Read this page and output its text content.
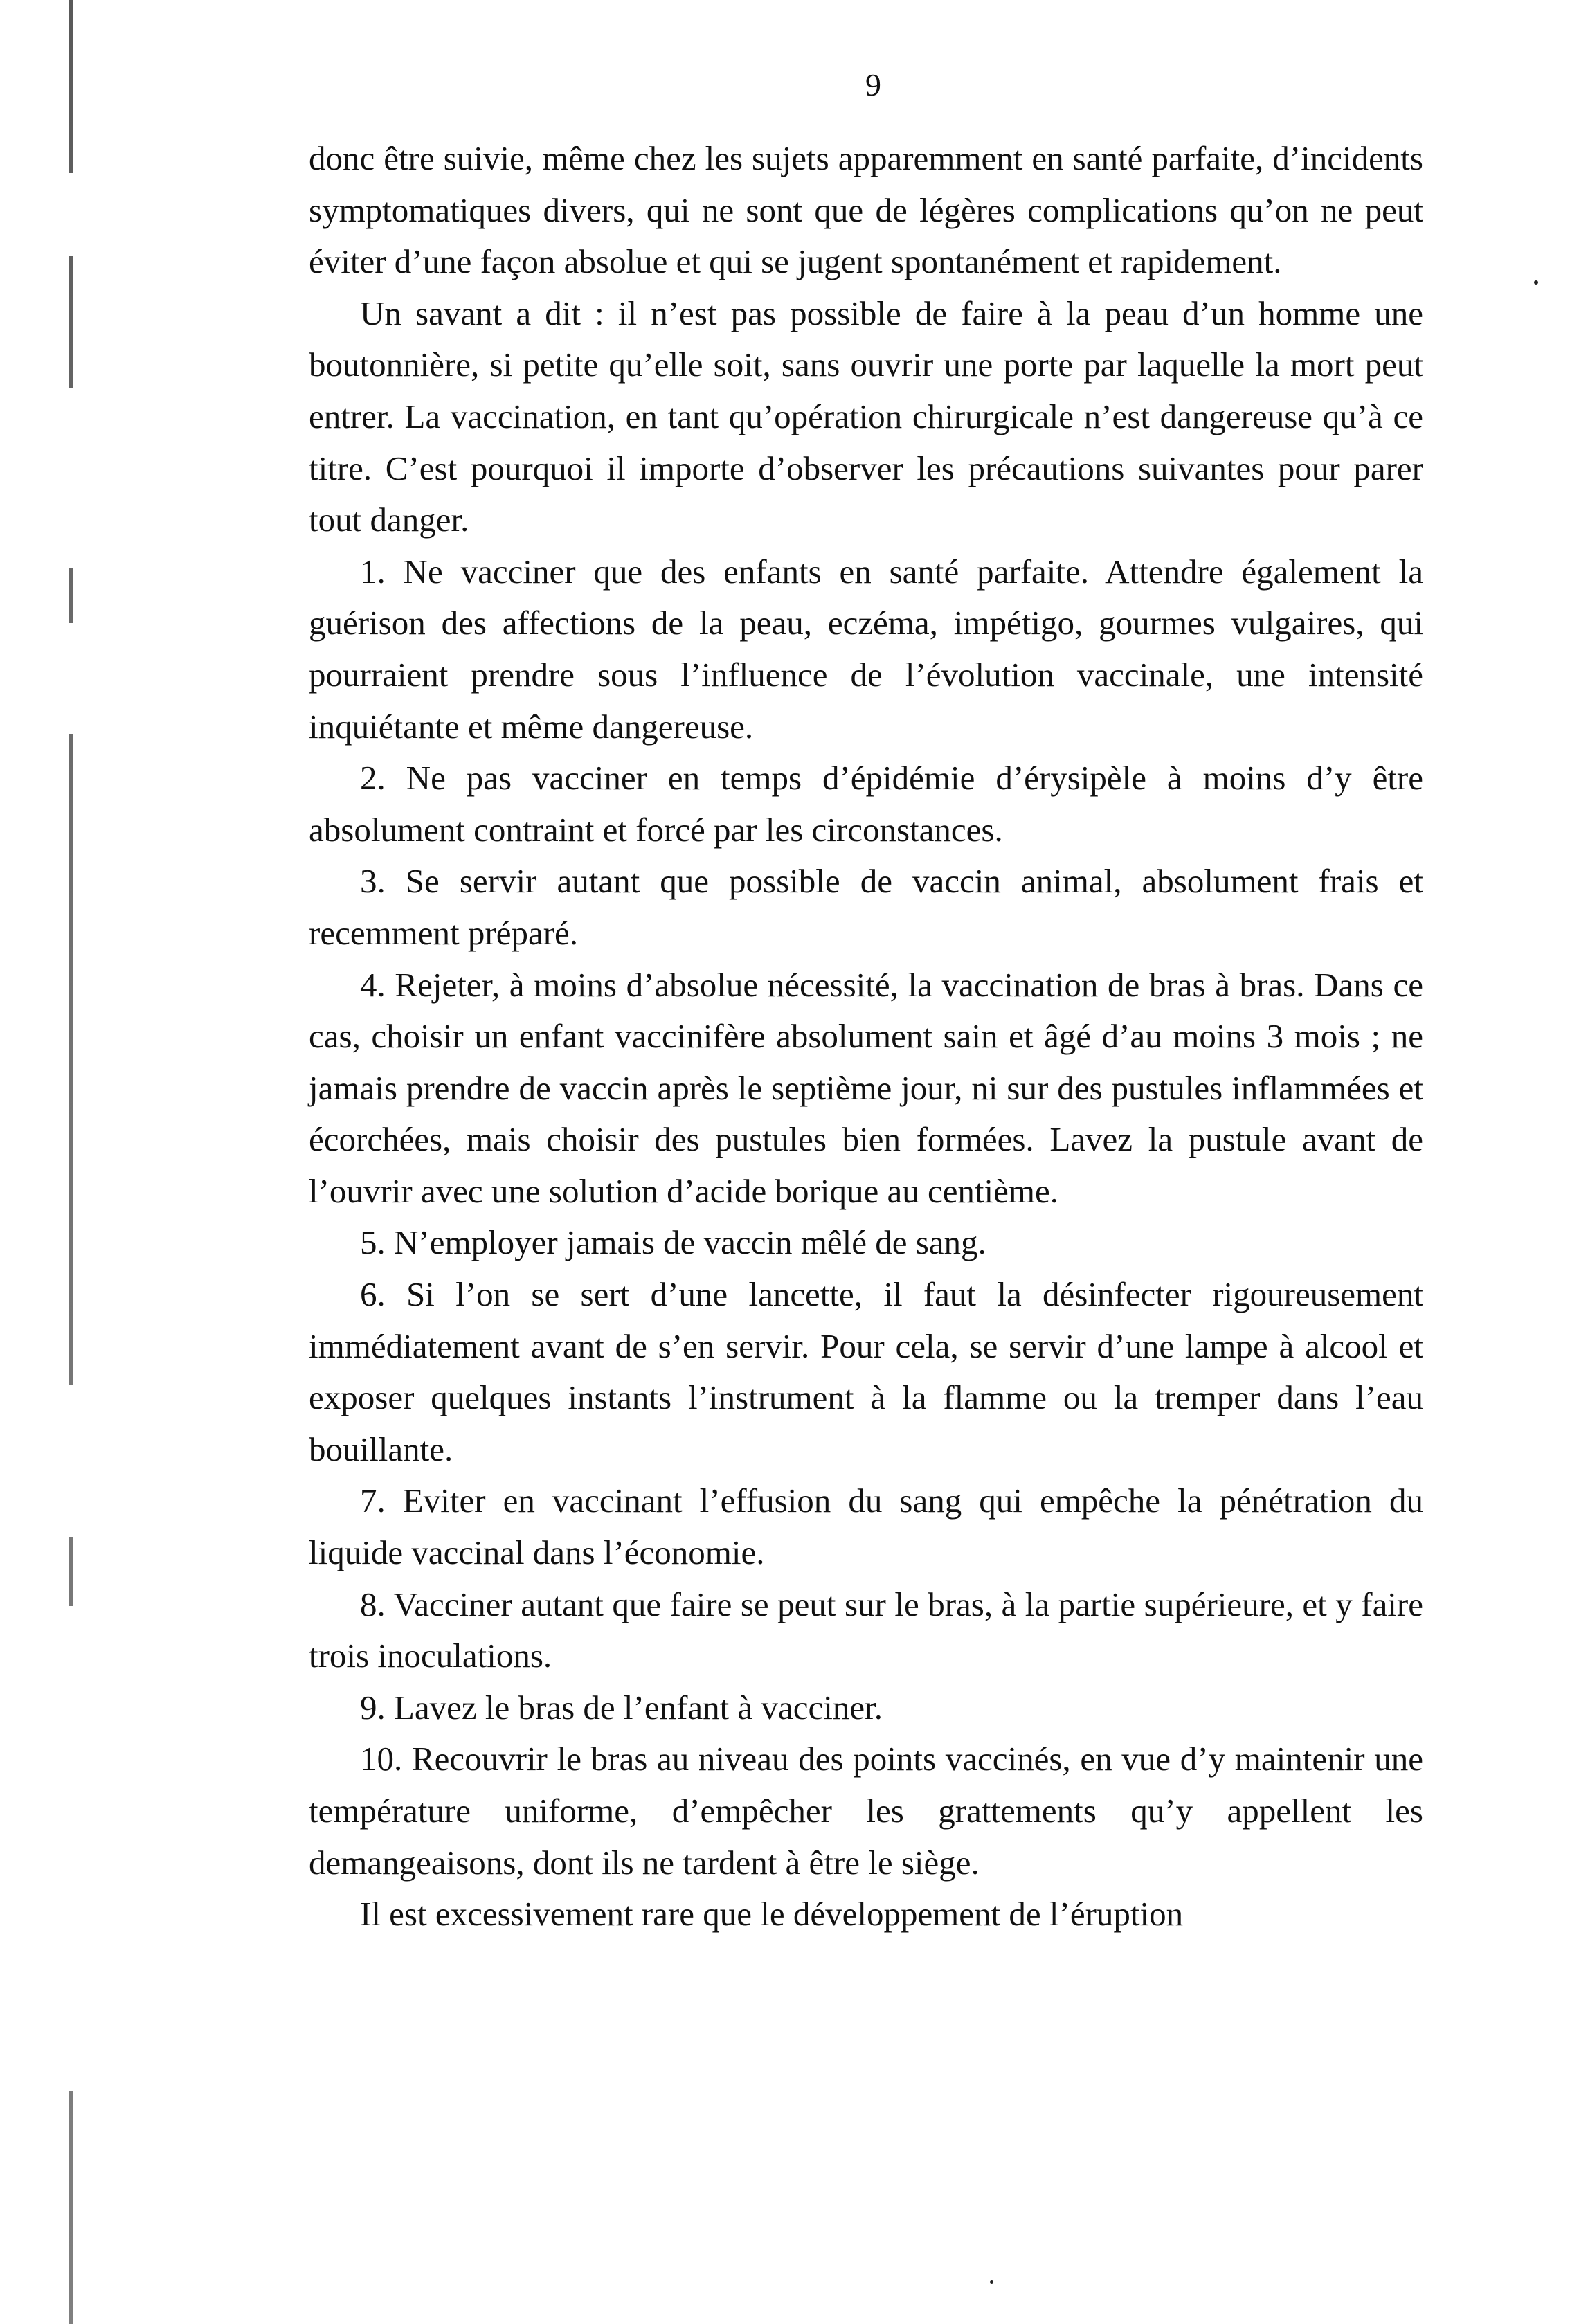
9

donc être suivie, même chez les sujets apparemment en santé parfaite, d’incidents symptomatiques divers, qui ne sont que de légères complications qu’on ne peut éviter d’une façon absolue et qui se jugent spontanément et rapidement.

Un savant a dit : il n’est pas possible de faire à la peau d’un homme une boutonnière, si petite qu’elle soit, sans ouvrir une porte par laquelle la mort peut entrer. La vaccination, en tant qu’opération chirurgicale n’est dangereuse qu’à ce titre. C’est pourquoi il importe d’observer les précautions suivantes pour parer tout danger.

1. Ne vacciner que des enfants en santé parfaite. Attendre également la guérison des affections de la peau, eczéma, impétigo, gourmes vulgaires, qui pourraient prendre sous l’influence de l’évolution vaccinale, une intensité inquiétante et même dangereuse.

2. Ne pas vacciner en temps d’épidémie d’érysipèle à moins d’y être absolument contraint et forcé par les circonstances.

3. Se servir autant que possible de vaccin animal, absolument frais et recemment préparé.

4. Rejeter, à moins d’absolue nécessité, la vaccination de bras à bras. Dans ce cas, choisir un enfant vaccinifère absolument sain et âgé d’au moins 3 mois ; ne jamais prendre de vaccin après le septième jour, ni sur des pustules inflammées et écorchées, mais choisir des pustules bien formées. Lavez la pustule avant de l’ouvrir avec une solution d’acide borique au centième.

5. N’employer jamais de vaccin mêlé de sang.

6. Si l’on se sert d’une lancette, il faut la désinfecter rigoureusement immédiatement avant de s’en servir. Pour cela, se servir d’une lampe à alcool et exposer quelques instants l’instrument à la flamme ou la tremper dans l’eau bouillante.

7. Eviter en vaccinant l’effusion du sang qui empêche la pénétration du liquide vaccinal dans l’économie.

8. Vacciner autant que faire se peut sur le bras, à la partie supérieure, et y faire trois inoculations.

9. Lavez le bras de l’enfant à vacciner.

10. Recouvrir le bras au niveau des points vaccinés, en vue d’y maintenir une température uniforme, d’empêcher les grattements qu’y appellent les demangeaisons, dont ils ne tardent à être le siège.

Il est excessivement rare que le développement de l’éruption
